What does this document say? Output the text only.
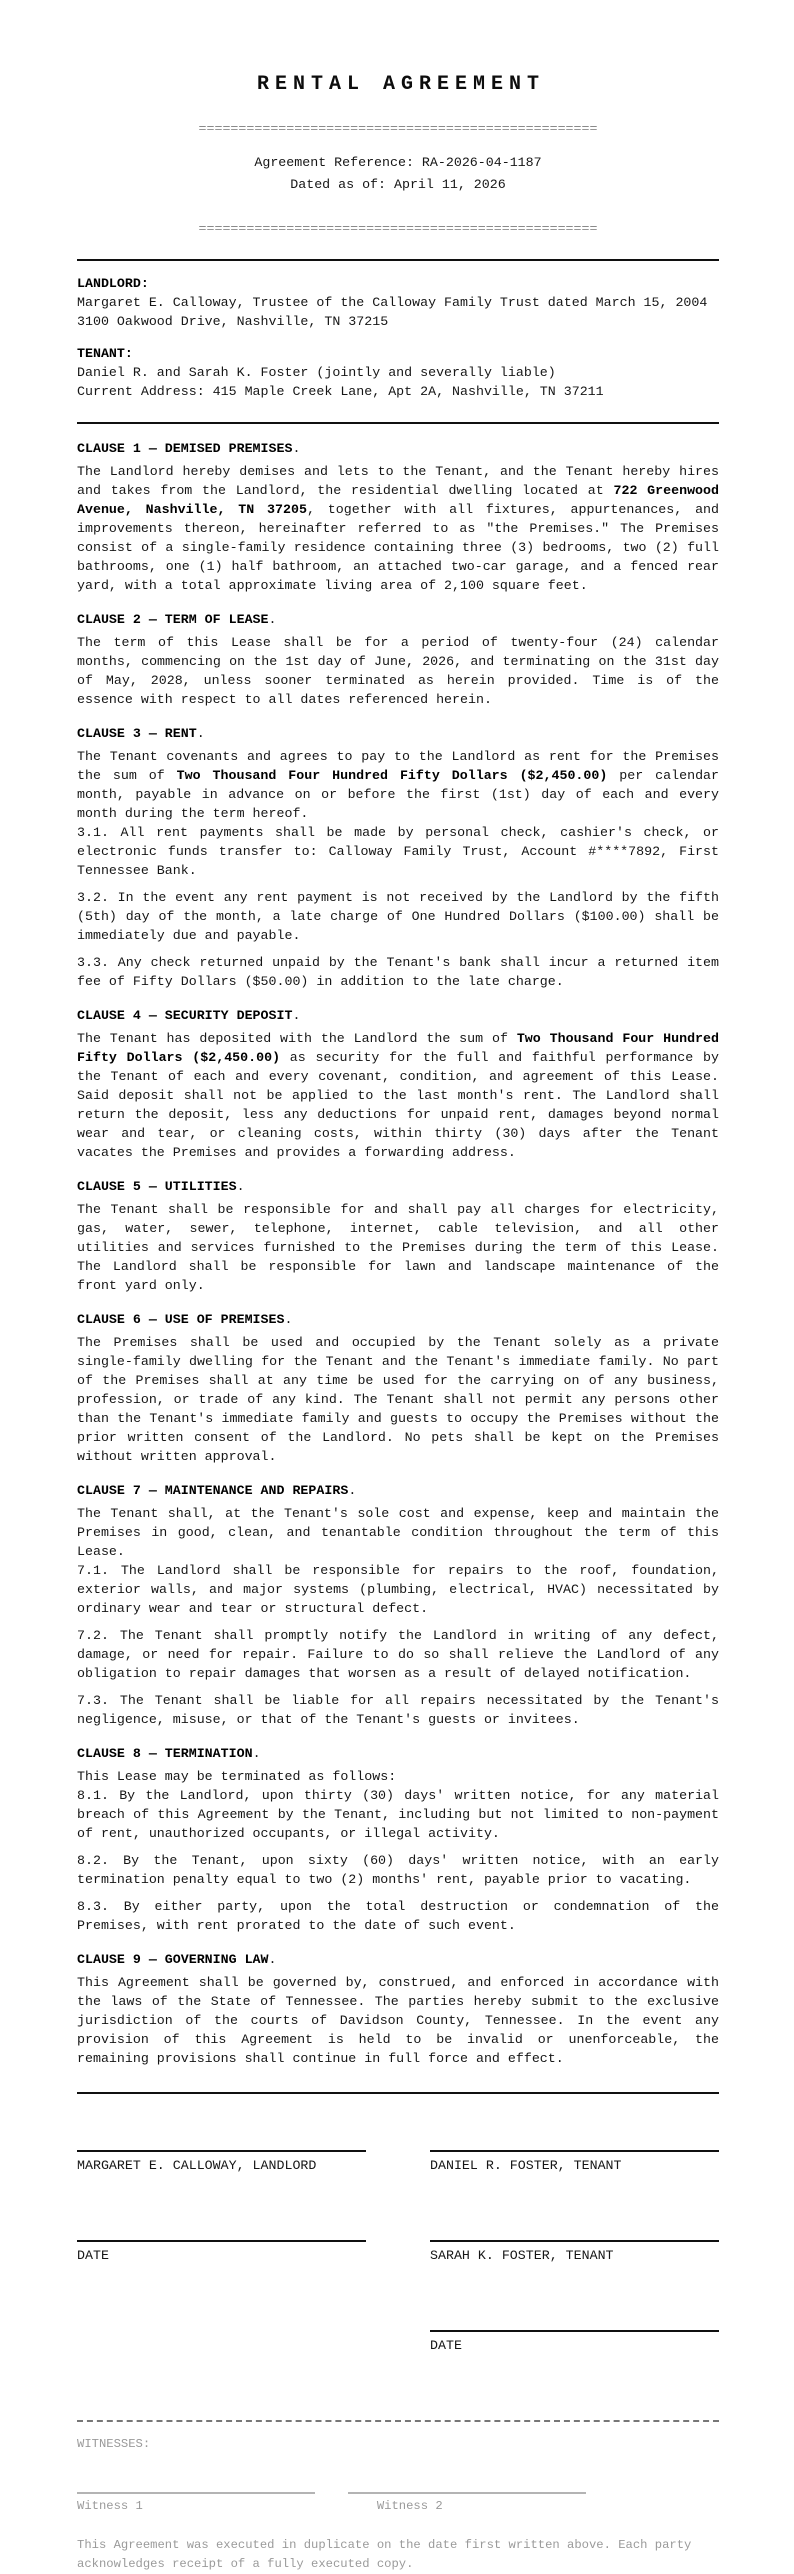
RENTAL AGREEMENT
==================================================
Agreement Reference: RA-2026-04-1187
Dated as of: April 11, 2026
==================================================
LANDLORD:
Margaret E. Calloway, Trustee of the Calloway Family Trust dated March 15, 2004
3100 Oakwood Drive, Nashville, TN 37215
TENANT:
Daniel R. and Sarah K. Foster (jointly and severally liable)
Current Address: 415 Maple Creek Lane, Apt 2A, Nashville, TN 37211
CLAUSE 1 — DEMISED PREMISES.

The Landlord hereby demises and lets to the Tenant, and the Tenant hereby hires and takes from the Landlord, the residential dwelling located at 722 Greenwood Avenue, Nashville, TN 37205, together with all fixtures, appurtenances, and improvements thereon, hereinafter referred to as "the Premises." The Premises consist of a single-family residence containing three (3) bedrooms, two (2) full bathrooms, one (1) half bathroom, an attached two-car garage, and a fenced rear yard, with a total approximate living area of 2,100 square feet.

CLAUSE 2 — TERM OF LEASE.

The term of this Lease shall be for a period of twenty-four (24) calendar months, commencing on the 1st day of June, 2026, and terminating on the 31st day of May, 2028, unless sooner terminated as herein provided. Time is of the essence with respect to all dates referenced herein.

CLAUSE 3 — RENT.

The Tenant covenants and agrees to pay to the Landlord as rent for the Premises the sum of Two Thousand Four Hundred Fifty Dollars ($2,450.00) per calendar month, payable in advance on or before the first (1st) day of each and every month during the term hereof.

3.1. All rent payments shall be made by personal check, cashier's check, or electronic funds transfer to: Calloway Family Trust, Account #****7892, First Tennessee Bank.

3.2. In the event any rent payment is not received by the Landlord by the fifth (5th) day of the month, a late charge of One Hundred Dollars ($100.00) shall be immediately due and payable.

3.3. Any check returned unpaid by the Tenant's bank shall incur a returned item fee of Fifty Dollars ($50.00) in addition to the late charge.

CLAUSE 4 — SECURITY DEPOSIT.

The Tenant has deposited with the Landlord the sum of Two Thousand Four Hundred Fifty Dollars ($2,450.00) as security for the full and faithful performance by the Tenant of each and every covenant, condition, and agreement of this Lease. Said deposit shall not be applied to the last month's rent. The Landlord shall return the deposit, less any deductions for unpaid rent, damages beyond normal wear and tear, or cleaning costs, within thirty (30) days after the Tenant vacates the Premises and provides a forwarding address.

CLAUSE 5 — UTILITIES.

The Tenant shall be responsible for and shall pay all charges for electricity, gas, water, sewer, telephone, internet, cable television, and all other utilities and services furnished to the Premises during the term of this Lease. The Landlord shall be responsible for lawn and landscape maintenance of the front yard only.

CLAUSE 6 — USE OF PREMISES.

The Premises shall be used and occupied by the Tenant solely as a private single-family dwelling for the Tenant and the Tenant's immediate family. No part of the Premises shall at any time be used for the carrying on of any business, profession, or trade of any kind. The Tenant shall not permit any persons other than the Tenant's immediate family and guests to occupy the Premises without the prior written consent of the Landlord. No pets shall be kept on the Premises without written approval.

CLAUSE 7 — MAINTENANCE AND REPAIRS.

The Tenant shall, at the Tenant's sole cost and expense, keep and maintain the Premises in good, clean, and tenantable condition throughout the term of this Lease.

7.1. The Landlord shall be responsible for repairs to the roof, foundation, exterior walls, and major systems (plumbing, electrical, HVAC) necessitated by ordinary wear and tear or structural defect.

7.2. The Tenant shall promptly notify the Landlord in writing of any defect, damage, or need for repair. Failure to do so shall relieve the Landlord of any obligation to repair damages that worsen as a result of delayed notification.

7.3. The Tenant shall be liable for all repairs necessitated by the Tenant's negligence, misuse, or that of the Tenant's guests or invitees.

CLAUSE 8 — TERMINATION.

This Lease may be terminated as follows:

8.1. By the Landlord, upon thirty (30) days' written notice, for any material breach of this Agreement by the Tenant, including but not limited to non-payment of rent, unauthorized occupants, or illegal activity.

8.2. By the Tenant, upon sixty (60) days' written notice, with an early termination penalty equal to two (2) months' rent, payable prior to vacating.

8.3. By either party, upon the total destruction or condemnation of the Premises, with rent prorated to the date of such event.

CLAUSE 9 — GOVERNING LAW.

This Agreement shall be governed by, construed, and enforced in accordance with the laws of the State of Tennessee. The parties hereby submit to the exclusive jurisdiction of the courts of Davidson County, Tennessee. In the event any provision of this Agreement is held to be invalid or unenforceable, the remaining provisions shall continue in full force and effect.

MARGARET E. CALLOWAY, LANDLORD	DANIEL R. FOSTER, TENANT
DATE	SARAH K. FOSTER, TENANT
DATE
WITNESSES:
Witness 1	Witness 2
This Agreement was executed in duplicate on the date first written above. Each party acknowledges receipt of a fully executed copy.
